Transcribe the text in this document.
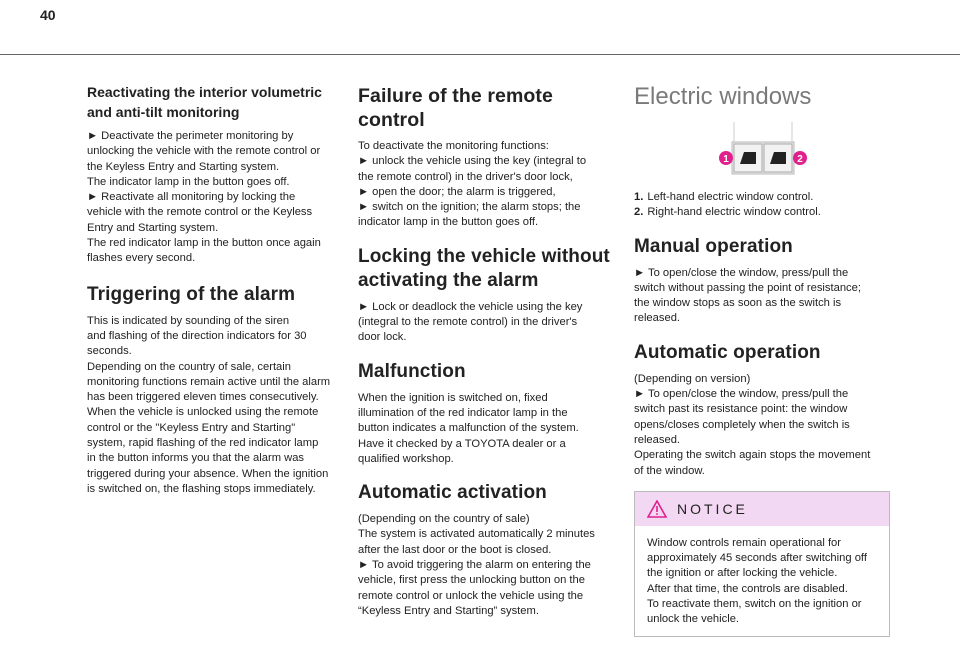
40
Reactivating the interior volumetric
and anti-tilt monitoring
► Deactivate the perimeter monitoring by
unlocking the vehicle with the remote control or
the Keyless Entry and Starting system.
The indicator lamp in the button goes off.
► Reactivate all monitoring by locking the
vehicle with the remote control or the Keyless
Entry and Starting system.
The red indicator lamp in the button once again
flashes every second.
Triggering of the alarm
This is indicated by sounding of the siren
and flashing of the direction indicators for 30
seconds.
Depending on the country of sale, certain
monitoring functions remain active until the alarm
has been triggered eleven times consecutively.
When the vehicle is unlocked using the remote
control or the "Keyless Entry and Starting"
system, rapid flashing of the red indicator lamp
in the button informs you that the alarm was
triggered during your absence. When the ignition
is switched on, the flashing stops immediately.
Failure of the remote control
To deactivate the monitoring functions:
► unlock the vehicle using the key (integral to
the remote control) in the driver's door lock,
► open the door; the alarm is triggered,
► switch on the ignition; the alarm stops; the
indicator lamp in the button goes off.
Locking the vehicle without
activating the alarm
► Lock or deadlock the vehicle using the key
(integral to the remote control) in the driver's
door lock.
Malfunction
When the ignition is switched on, fixed
illumination of the red indicator lamp in the
button indicates a malfunction of the system.
Have it checked by a TOYOTA dealer or a
qualified workshop.
Automatic activation
(Depending on the country of sale)
The system is activated automatically 2 minutes
after the last door or the boot is closed.
► To avoid triggering the alarm on entering the
vehicle, first press the unlocking button on the
remote control or unlock the vehicle using the
“Keyless Entry and Starting” system.
Electric windows
1	2
1. Left-hand electric window control.
2. Right-hand electric window control.
Manual operation
► To open/close the window, press/pull the
switch without passing the point of resistance;
the window stops as soon as the switch is
released.
Automatic operation
(Depending on version)
► To open/close the window, press/pull the
switch past its resistance point: the window
opens/closes completely when the switch is
released.
Operating the switch again stops the movement
of the window.
NOTICE
Window controls remain operational for
approximately 45 seconds after switching off
the ignition or after locking the vehicle.
After that time, the controls are disabled.
To reactivate them, switch on the ignition or
unlock the vehicle.
